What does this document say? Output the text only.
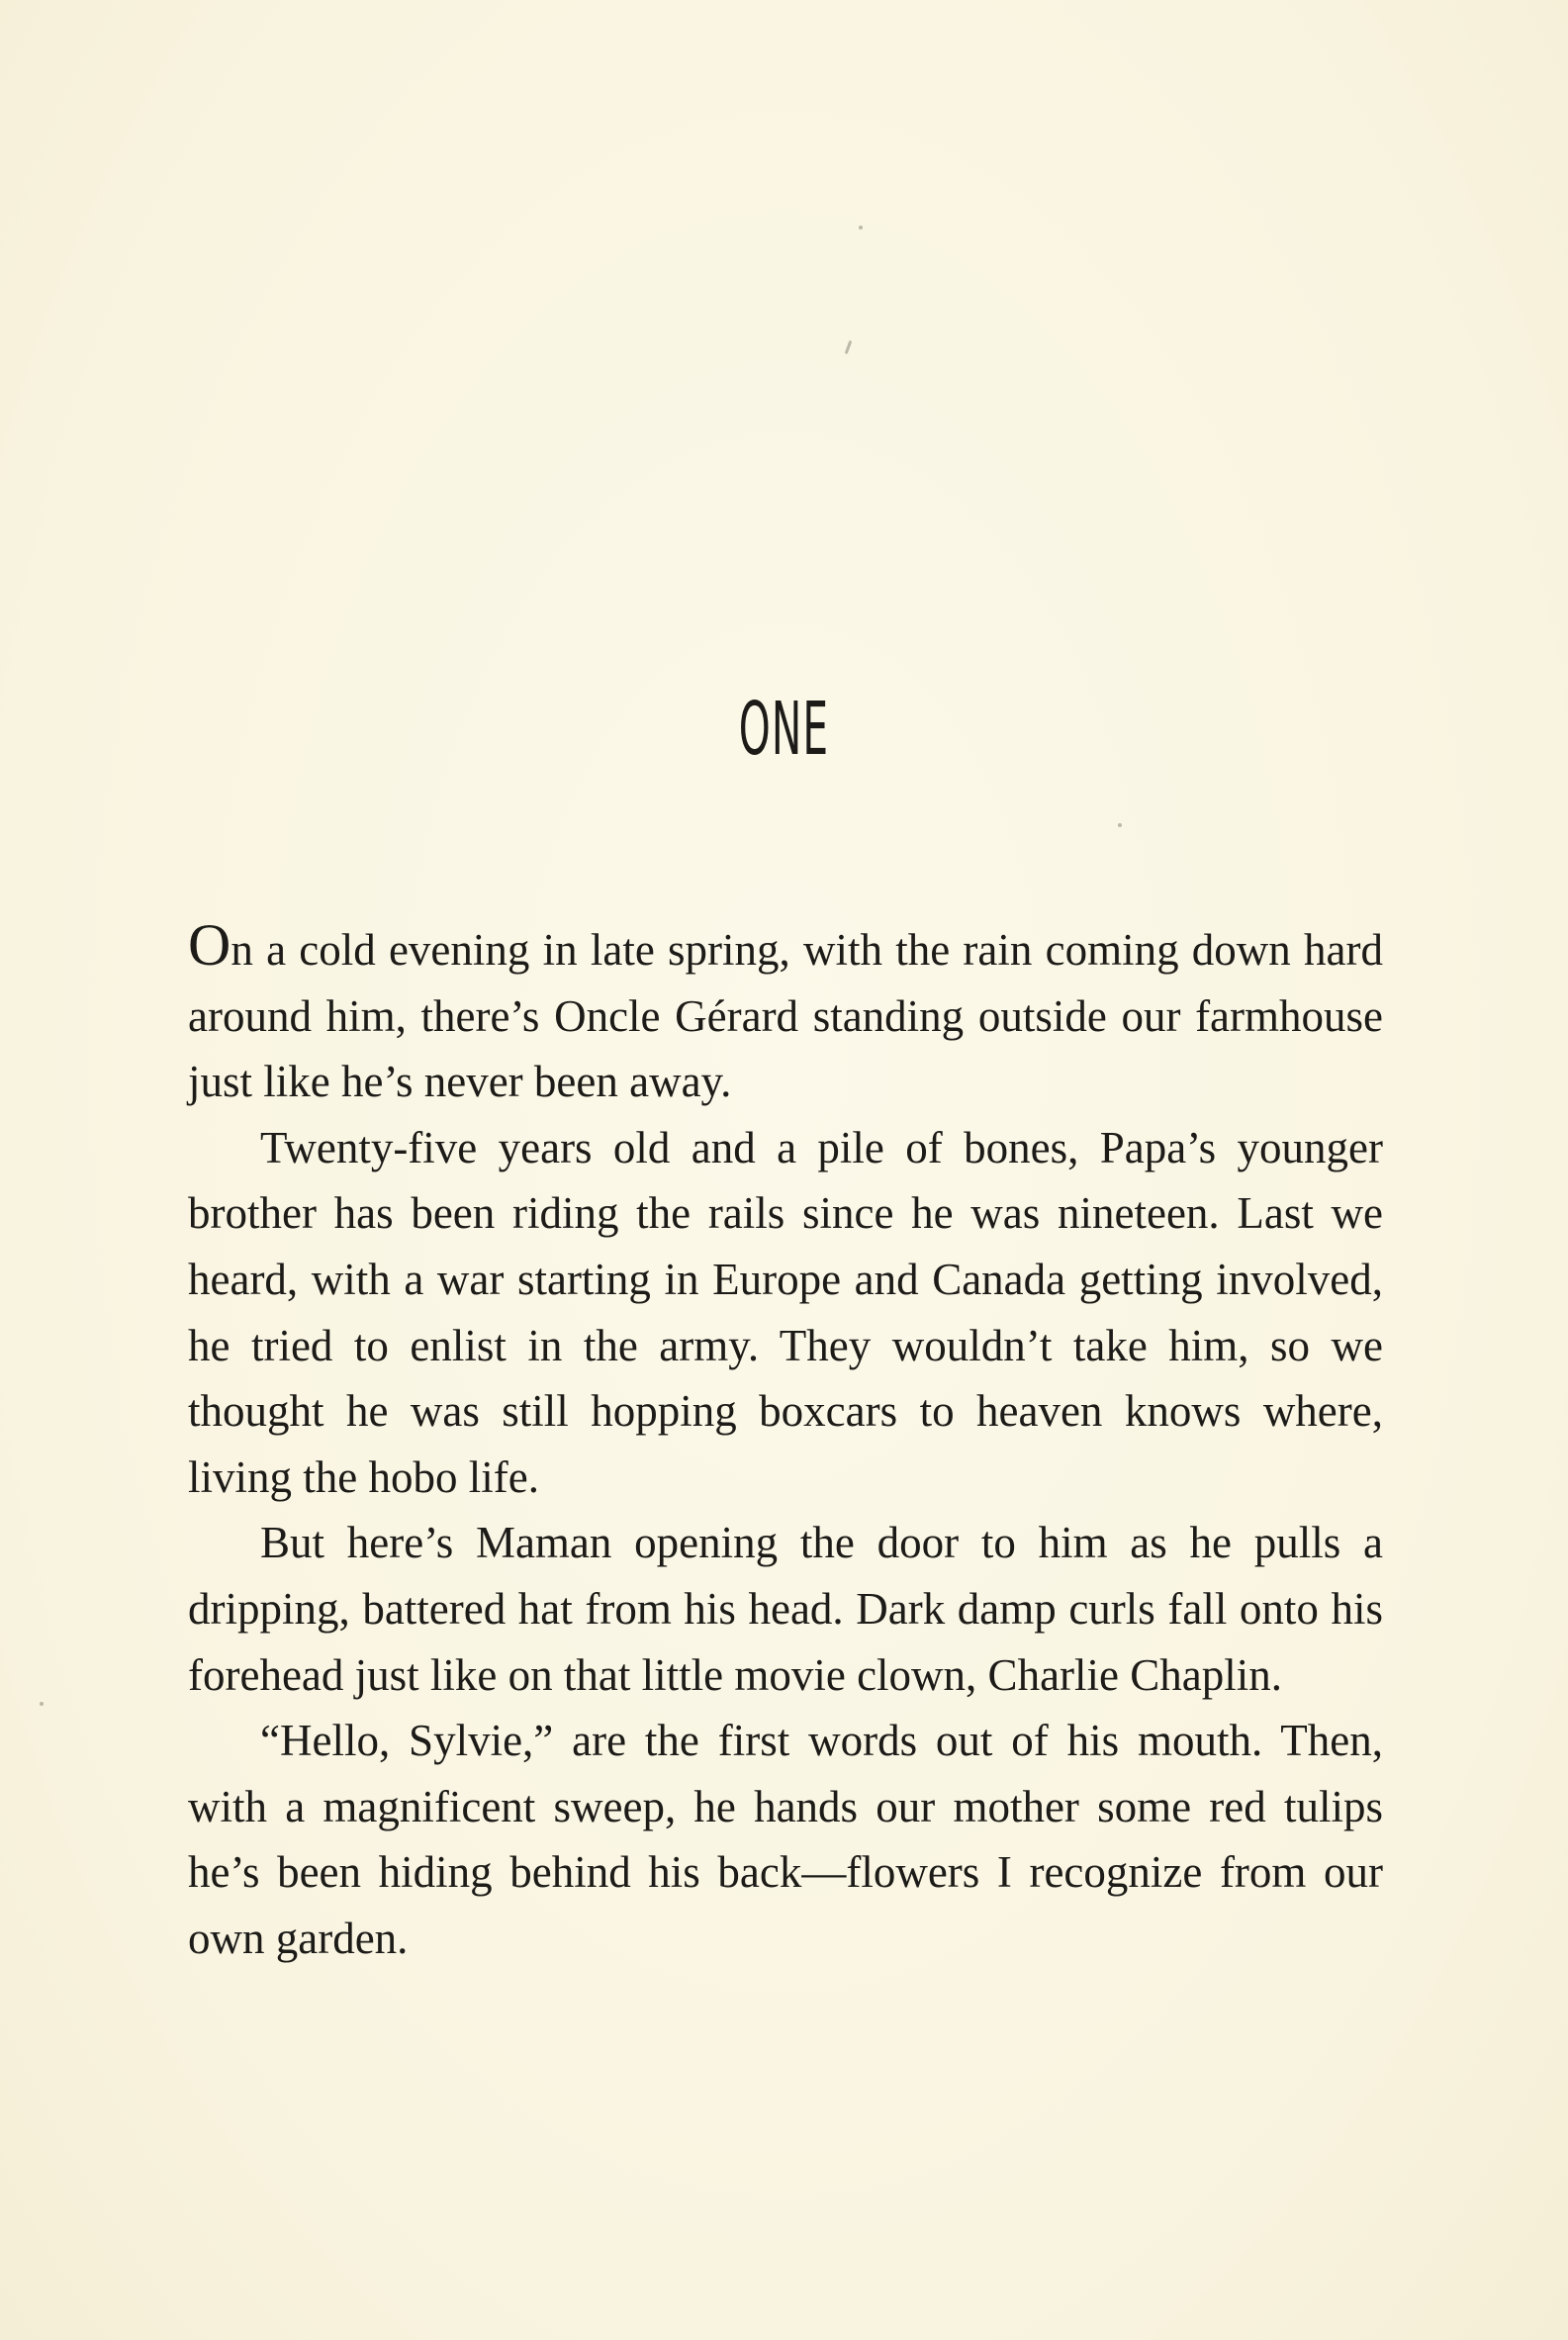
ONE

On a cold evening in late spring, with the rain coming down hard around him, there’s Oncle Gérard standing outside our farmhouse just like he’s never been away.

Twenty-five years old and a pile of bones, Papa’s younger brother has been riding the rails since he was nineteen. Last we heard, with a war starting in Europe and Canada getting involved, he tried to enlist in the army. They wouldn’t take him, so we thought he was still hopping boxcars to heaven knows where, living the hobo life.

But here’s Maman opening the door to him as he pulls a dripping, battered hat from his head. Dark damp curls fall onto his forehead just like on that little movie clown, Charlie Chaplin.

“Hello, Sylvie,” are the first words out of his mouth. Then, with a magnificent sweep, he hands our mother some red tulips he’s been hiding behind his back—flowers I recognize from our own garden.
